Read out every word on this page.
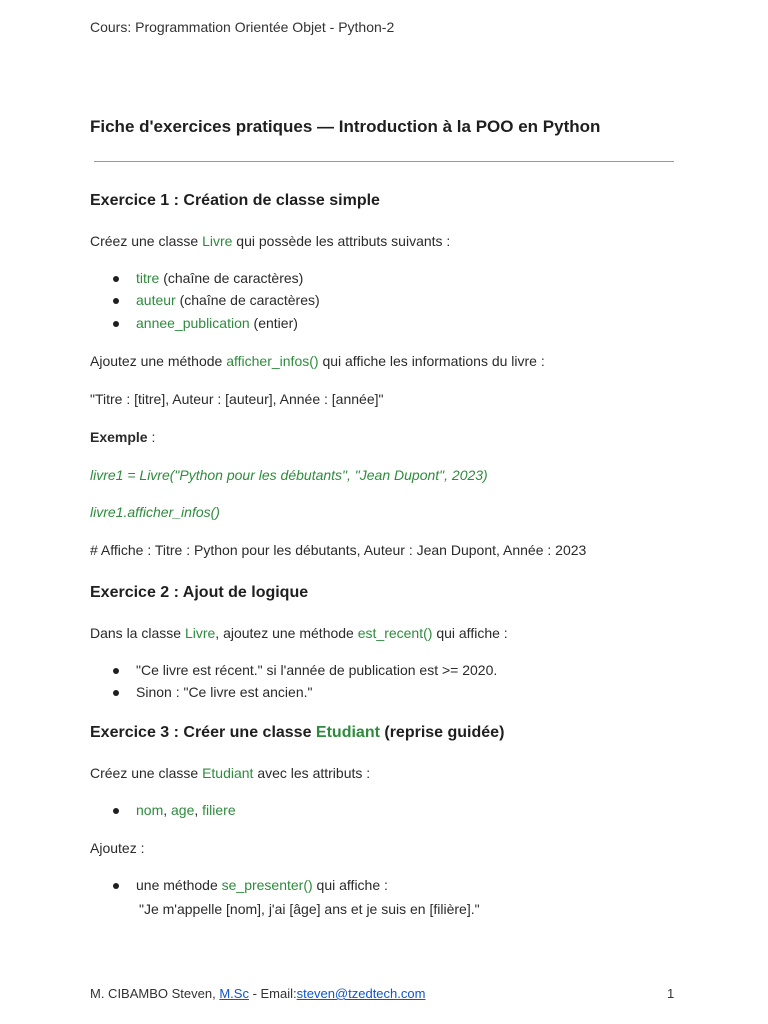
Cours: Programmation Orientée Objet - Python-2
Fiche d'exercices pratiques — Introduction à la POO en Python
Exercice 1 : Création de classe simple
Créez une classe Livre qui possède les attributs suivants :
titre (chaîne de caractères)
auteur (chaîne de caractères)
annee_publication (entier)
Ajoutez une méthode afficher_infos() qui affiche les informations du livre :
"Titre : [titre], Auteur : [auteur], Année : [année]"
Exemple :
livre1 = Livre("Python pour les débutants", "Jean Dupont", 2023)
livre1.afficher_infos()
# Affiche : Titre : Python pour les débutants, Auteur : Jean Dupont, Année : 2023
Exercice 2 : Ajout de logique
Dans la classe Livre, ajoutez une méthode est_recent() qui affiche :
"Ce livre est récent." si l'année de publication est >= 2020.
Sinon : "Ce livre est ancien."
Exercice 3 : Créer une classe Etudiant (reprise guidée)
Créez une classe Etudiant avec les attributs :
nom, age, filiere
Ajoutez :
une méthode se_presenter() qui affiche :
"Je m'appelle [nom], j'ai [âge] ans et je suis en [filière]."
M. CIBAMBO Steven, M.Sc - Email:steven@tzedtech.com	1
